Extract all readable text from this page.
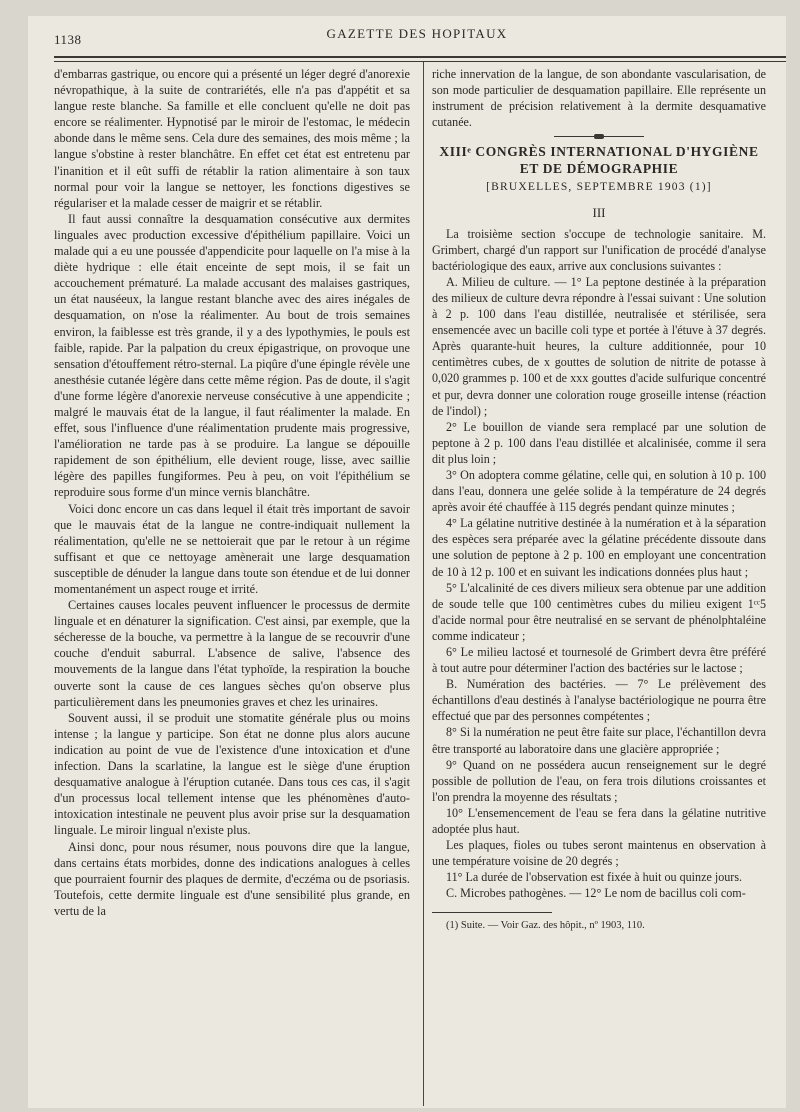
1138	GAZETTE DES HOPITAUX

d'embarras gastrique, ou encore qui a présenté un léger degré d'anorexie névropathique, à la suite de contrariétés, elle n'a pas d'appétit et sa langue reste blanche. Sa famille et elle concluent qu'elle ne doit pas encore se réalimenter. Hypnotisé par le miroir de l'estomac, le médecin abonde dans le même sens. Cela dure des semaines, des mois même ; la langue s'obstine à rester blanchâtre. En effet cet état est entretenu par l'inanition et il eût suffi de rétablir la ration alimentaire à son taux normal pour voir la langue se nettoyer, les fonctions digestives se régulariser et la malade cesser de maigrir et se rétablir.

Il faut aussi connaître la desquamation consécutive aux dermites linguales avec production excessive d'épithélium papillaire. Voici un malade qui a eu une poussée d'appendicite pour laquelle on l'a mise à la diète hydrique : elle était enceinte de sept mois, il se fait un accouchement prématuré. La malade accusant des malaises gastriques, un état nauséeux, la langue restant blanche avec des aires inégales de desquamation, on n'ose la réalimenter. Au bout de trois semaines environ, la faiblesse est très grande, il y a des lypothymies, le pouls est faible, rapide. Par la palpation du creux épigastrique, on provoque une sensation d'étouffement rétro-sternal. La piqûre d'une épingle révèle une anesthésie cutanée légère dans cette même région. Pas de doute, il s'agit d'une forme légère d'anorexie nerveuse consécutive à une appendicite ; malgré le mauvais état de la langue, il faut réalimenter la malade. En effet, sous l'influence d'une réalimentation prudente mais progressive, l'amélioration ne tarde pas à se produire. La langue se dépouille rapidement de son épithélium, elle devient rouge, lisse, avec saillie légère des papilles fungiformes. Peu à peu, on voit l'épithélium se reproduire sous forme d'un mince vernis blanchâtre.

Voici donc encore un cas dans lequel il était très important de savoir que le mauvais état de la langue ne contre-indiquait nullement la réalimentation, qu'elle ne se nettoierait que par le retour à un régime suffisant et que ce nettoyage amènerait une large desquamation susceptible de dénuder la langue dans toute son étendue et de lui donner momentanément un aspect rouge et irrité.

Certaines causes locales peuvent influencer le processus de dermite linguale et en dénaturer la signification. C'est ainsi, par exemple, que la sécheresse de la bouche, va permettre à la langue de se recouvrir d'une couche d'enduit saburral. L'absence de salive, l'absence des mouvements de la langue dans l'état typhoïde, la respiration la bouche ouverte sont la cause de ces langues sèches qu'on observe plus particulièrement dans les pneumonies graves et chez les urinaires.

Souvent aussi, il se produit une stomatite générale plus ou moins intense ; la langue y participe. Son état ne donne plus alors aucune indication au point de vue de l'existence d'une intoxication et d'une infection. Dans la scarlatine, la langue est le siège d'une éruption desquamative analogue à l'éruption cutanée. Dans tous ces cas, il s'agit d'un processus local tellement intense que les phénomènes d'auto-intoxication intestinale ne peuvent plus avoir prise sur la desquamation linguale. Le miroir lingual n'existe plus.

Ainsi donc, pour nous résumer, nous pouvons dire que la langue, dans certains états morbides, donne des indications analogues à celles que pourraient fournir des plaques de dermite, d'eczéma ou de psoriasis. Toutefois, cette dermite linguale est d'une sensibilité plus grande, en vertu de la

riche innervation de la langue, de son abondante vascularisation, de son mode particulier de desquamation papillaire. Elle représente un instrument de précision relativement à la dermite desquamative cutanée.

XIIIᵉ CONGRÈS INTERNATIONAL D'HYGIÈNE
ET DE DÉMOGRAPHIE
[BRUXELLES, SEPTEMBRE 1903 (1)]
III

La troisième section s'occupe de technologie sanitaire. M. Grimbert, chargé d'un rapport sur l'unification de procédé d'analyse bactériologique des eaux, arrive aux conclusions suivantes :

A. Milieu de culture. — 1° La peptone destinée à la préparation des milieux de culture devra répondre à l'essai suivant : Une solution à 2 p. 100 dans l'eau distillée, neutralisée et stérilisée, sera ensemencée avec un bacille coli type et portée à l'étuve à 37 degrés. Après quarante-huit heures, la culture additionnée, pour 10 centimètres cubes, de x gouttes de solution de nitrite de potasse à 0,020 grammes p. 100 et de xxx gouttes d'acide sulfurique concentré et pur, devra donner une coloration rouge groseille intense (réaction de l'indol) ;

2° Le bouillon de viande sera remplacé par une solution de peptone à 2 p. 100 dans l'eau distillée et alcalinisée, comme il sera dit plus loin ;

3° On adoptera comme gélatine, celle qui, en solution à 10 p. 100 dans l'eau, donnera une gelée solide à la température de 24 degrés après avoir été chauffée à 115 degrés pendant quinze minutes ;

4° La gélatine nutritive destinée à la numération et à la séparation des espèces sera préparée avec la gélatine précédente dissoute dans une solution de peptone à 2 p. 100 en employant une concentration de 10 à 12 p. 100 et en suivant les indications données plus haut ;

5° L'alcalinité de ces divers milieux sera obtenue par une addition de soude telle que 100 centimètres cubes du milieu exigent 1ᶜᶜ5 d'acide normal pour être neutralisé en se servant de phénolphtaléine comme indicateur ;

6° Le milieu lactosé et tournesolé de Grimbert devra être préféré à tout autre pour déterminer l'action des bactéries sur le lactose ;

B. Numération des bactéries. — 7° Le prélèvement des échantillons d'eau destinés à l'analyse bactériologique ne pourra être effectué que par des personnes compétentes ;

8° Si la numération ne peut être faite sur place, l'échantillon devra être transporté au laboratoire dans une glacière appropriée ;

9° Quand on ne possédera aucun renseignement sur le degré possible de pollution de l'eau, on fera trois dilutions croissantes et l'on prendra la moyenne des résultats ;

10° L'ensemencement de l'eau se fera dans la gélatine nutritive adoptée plus haut.

Les plaques, fioles ou tubes seront maintenus en observation à une température voisine de 20 degrés ;

11° La durée de l'observation est fixée à huit ou quinze jours.

C. Microbes pathogènes. — 12° Le nom de bacillus coli com-

(1) Suite. — Voir Gaz. des hôpit., nº 1903, 110.
